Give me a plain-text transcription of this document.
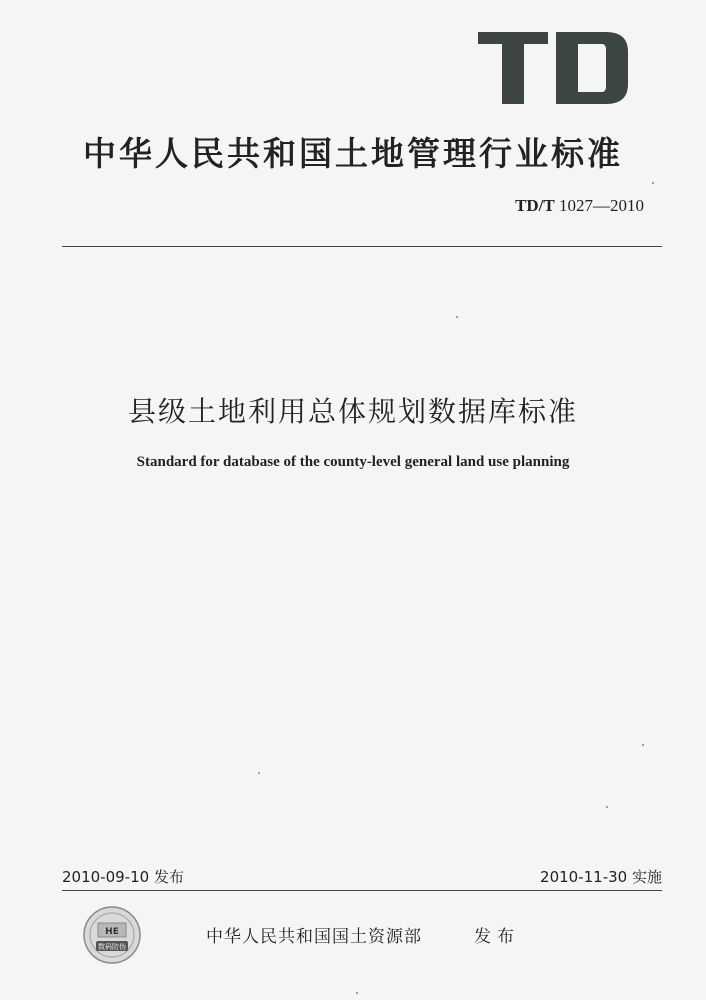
中华人民共和国土地管理行业标准
TD/T 1027—2010
县级土地利用总体规划数据库标准
Standard for database of the county-level general land use planning
2010-09-10 发布	2010-11-30 实施
HE
数码防伪	中华人民共和国国土资源部	发布
